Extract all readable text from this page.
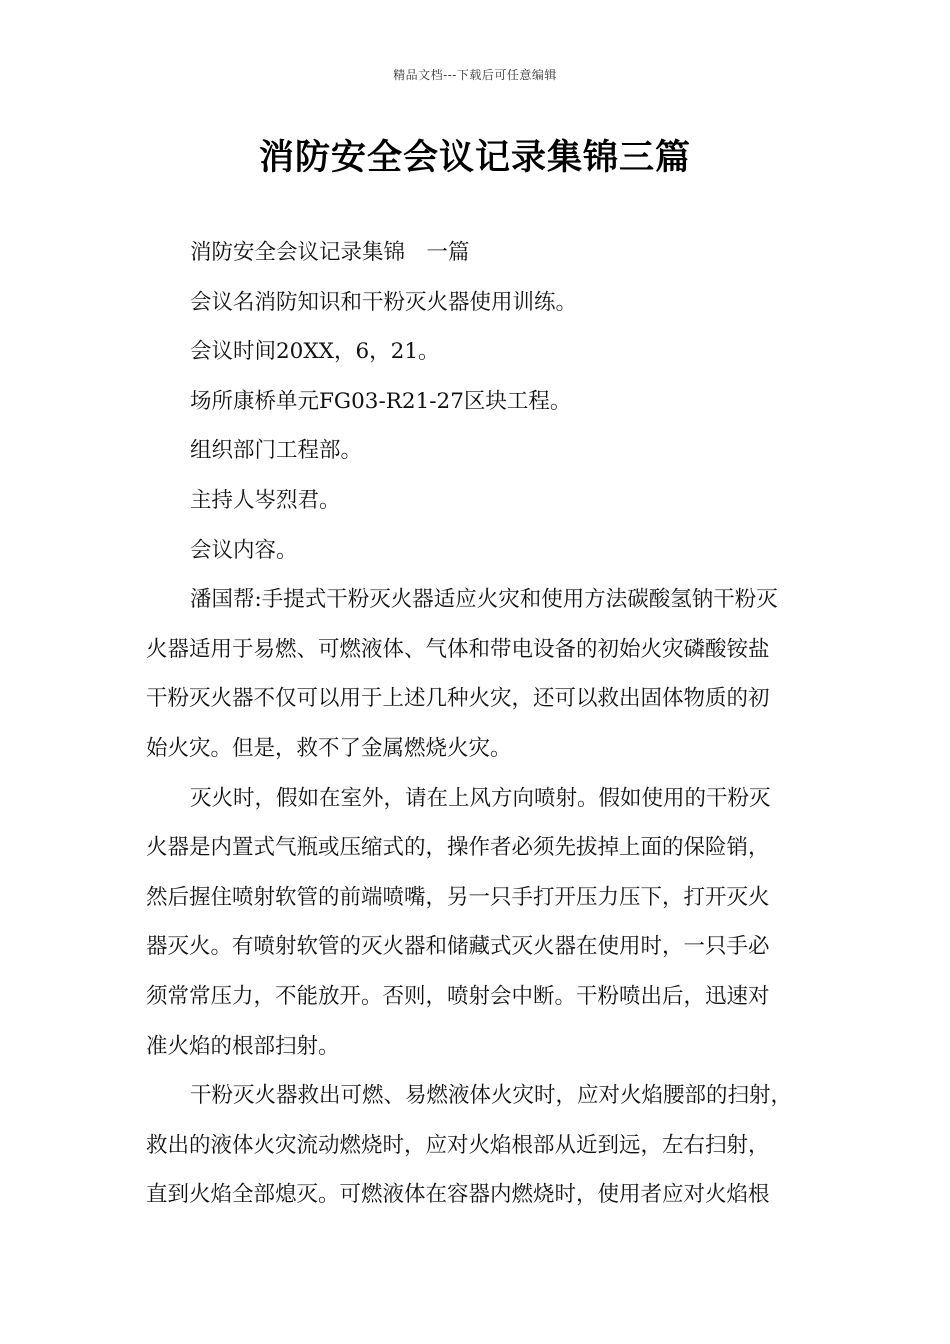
精品文档---下载后可任意编辑
消防安全会议记录集锦三篇

消防安全会议记录集锦　一篇

会议名消防知识和干粉灭火器使用训练。

会议时间20XX，6，21。

场所康桥单元FG03-R21-27区块工程。

组织部门工程部。

主持人岑烈君。

会议内容。

潘国帮:手提式干粉灭火器适应火灾和使用方法碳酸氢钠干粉灭

火器适用于易燃、可燃液体、气体和带电设备的初始火灾磷酸铵盐

干粉灭火器不仅可以用于上述几种火灾，还可以救出固体物质的初

始火灾。但是，救不了金属燃烧火灾。

灭火时，假如在室外，请在上风方向喷射。假如使用的干粉灭

火器是内置式气瓶或压缩式的，操作者必须先拔掉上面的保险销，

然后握住喷射软管的前端喷嘴，另一只手打开压力压下，打开灭火

器灭火。有喷射软管的灭火器和储藏式灭火器在使用时，一只手必

须常常压力，不能放开。否则，喷射会中断。干粉喷出后，迅速对

准火焰的根部扫射。

干粉灭火器救出可燃、易燃液体火灾时，应对火焰腰部的扫射，

救出的液体火灾流动燃烧时，应对火焰根部从近到远，左右扫射，

直到火焰全部熄灭。可燃液体在容器内燃烧时，使用者应对火焰根
